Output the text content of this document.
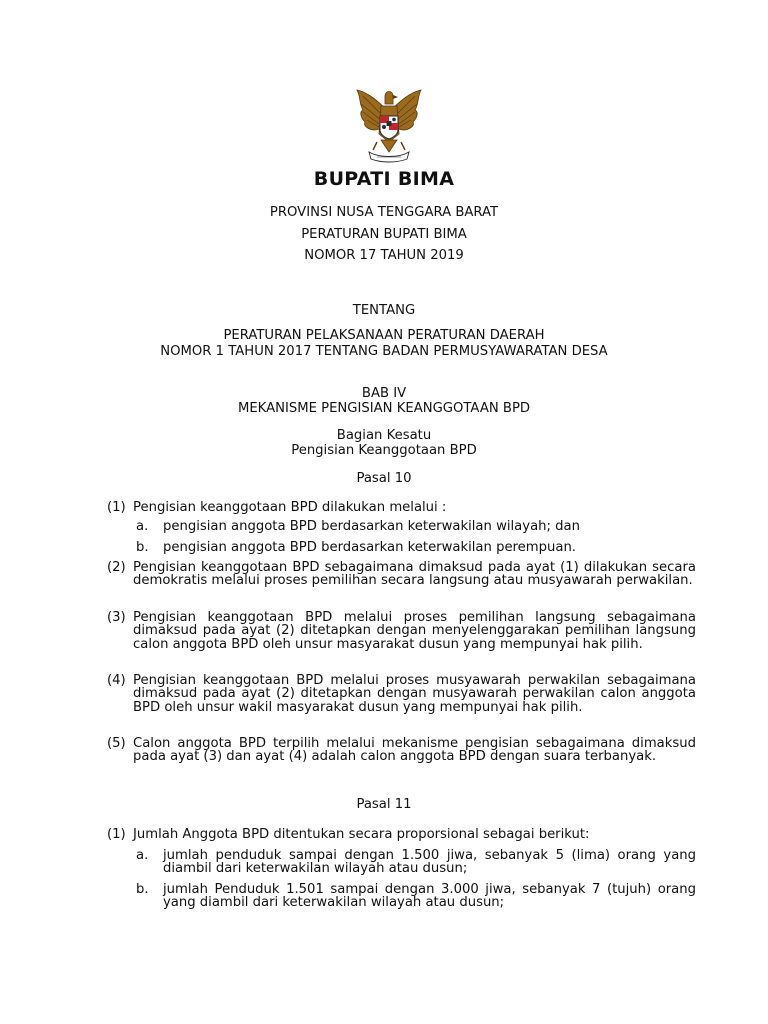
BUPATI BIMA
PROVINSI NUSA TENGGARA BARAT
PERATURAN BUPATI BIMA
NOMOR 17 TAHUN 2019
TENTANG
PERATURAN PELAKSANAAN PERATURAN DAERAH
NOMOR 1 TAHUN 2017 TENTANG BADAN PERMUSYAWARATAN DESA
BAB IV
MEKANISME PENGISIAN KEANGGOTAAN BPD
Bagian Kesatu
Pengisian Keanggotaan BPD
Pasal 10
(1) Pengisian keanggotaan BPD dilakukan melalui :
a.	pengisian anggota BPD berdasarkan keterwakilan wilayah; dan
b.	pengisian anggota BPD berdasarkan keterwakilan perempuan.
(2) Pengisian keanggotaan BPD sebagaimana dimaksud pada ayat (1) dilakukan secara demokratis melalui proses pemilihan secara langsung atau musyawarah perwakilan.
(3) Pengisian keanggotaan BPD melalui proses pemilihan langsung sebagaimana dimaksud pada ayat (2) ditetapkan dengan menyelenggarakan pemilihan langsung calon anggota BPD oleh unsur masyarakat dusun yang mempunyai hak pilih.
(4) Pengisian keanggotaan BPD melalui proses musyawarah perwakilan sebagaimana dimaksud pada ayat (2) ditetapkan dengan musyawarah perwakilan calon anggota BPD oleh unsur wakil masyarakat dusun yang mempunyai hak pilih.
(5) Calon anggota BPD terpilih melalui mekanisme pengisian sebagaimana dimaksud pada ayat (3) dan ayat (4) adalah calon anggota BPD dengan suara terbanyak.
Pasal 11
(1) Jumlah Anggota BPD ditentukan secara proporsional sebagai berikut:
a.	jumlah penduduk sampai dengan 1.500 jiwa, sebanyak 5 (lima) orang yang diambil dari keterwakilan wilayah atau dusun;
b.	jumlah Penduduk 1.501 sampai dengan 3.000 jiwa, sebanyak 7 (tujuh) orang yang diambil dari keterwakilan wilayah atau dusun;
